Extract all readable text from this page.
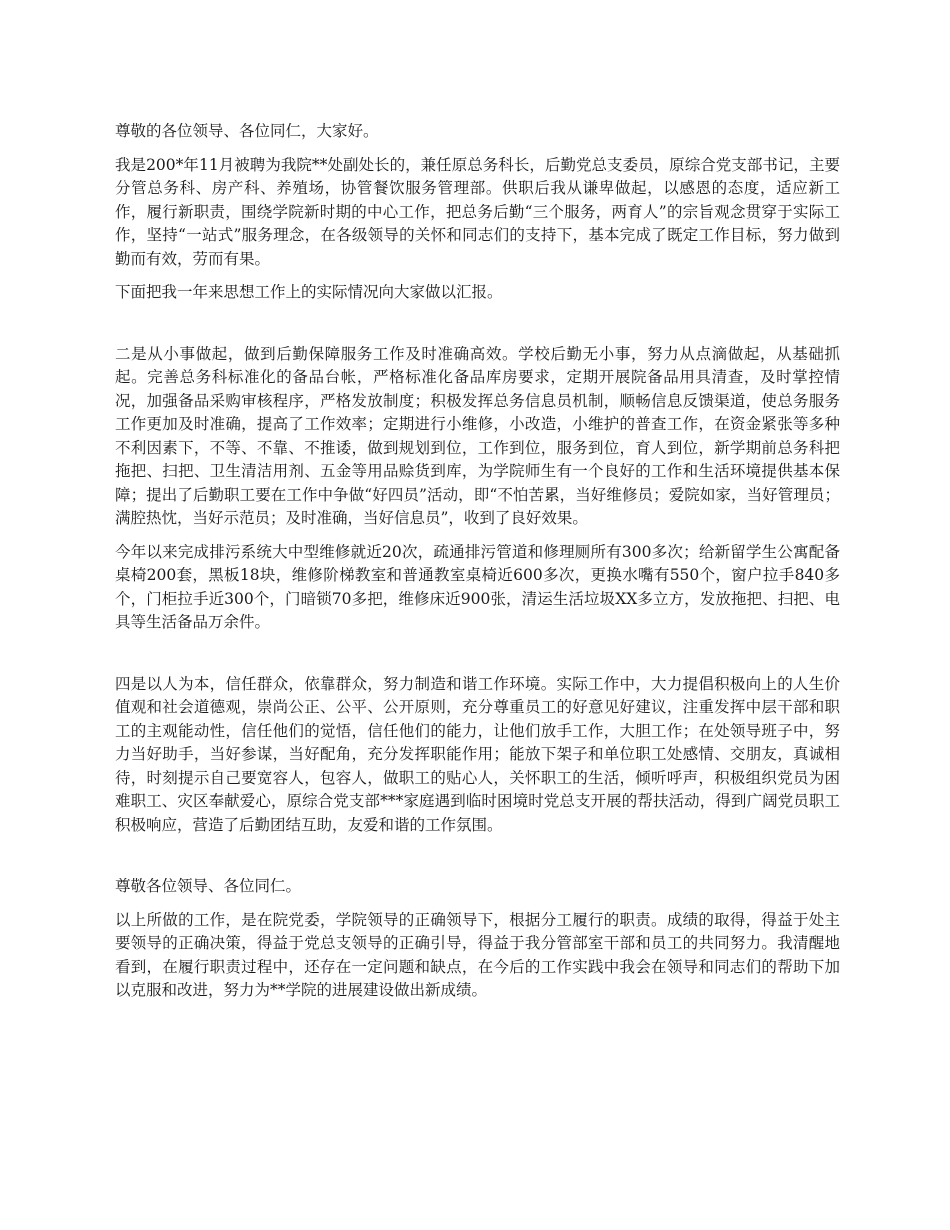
尊敬的各位领导、各位同仁，大家好。

我是200*年11月被聘为我院**处副处长的，兼任原总务科长，后勤党总支委员，原综合党支部书记，主要分管总务科、房产科、养殖场，协管餐饮服务管理部。供职后我从谦卑做起，以感恩的态度，适应新工作，履行新职责，围绕学院新时期的中心工作，把总务后勤“三个服务，两育人”的宗旨观念贯穿于实际工作，坚持“一站式”服务理念，在各级领导的关怀和同志们的支持下，基本完成了既定工作目标，努力做到勤而有效，劳而有果。

下面把我一年来思想工作上的实际情况向大家做以汇报。

二是从小事做起，做到后勤保障服务工作及时准确高效。学校后勤无小事，努力从点滴做起，从基础抓起。完善总务科标准化的备品台帐，严格标准化备品库房要求，定期开展院备品用具清查，及时掌控情况，加强备品采购审核程序，严格发放制度；积极发挥总务信息员机制，顺畅信息反馈渠道，使总务服务工作更加及时准确，提高了工作效率；定期进行小维修，小改造，小维护的普查工作，在资金紧张等多种不利因素下，不等、不靠、不推诿，做到规划到位，工作到位，服务到位，育人到位，新学期前总务科把拖把、扫把、卫生清洁用剂、五金等用品赊货到库，为学院师生有一个良好的工作和生活环境提供基本保障；提出了后勤职工要在工作中争做“好四员”活动，即“不怕苦累，当好维修员；爱院如家，当好管理员；满腔热忱，当好示范员；及时准确，当好信息员”，收到了良好效果。

今年以来完成排污系统大中型维修就近20次，疏通排污管道和修理厕所有300多次；给新留学生公寓配备桌椅200套，黑板18块，维修阶梯教室和普通教室桌椅近600多次，更换水嘴有550个，窗户拉手840多个，门柜拉手近300个，门暗锁70多把，维修床近900张，清运生活垃圾XX多立方，发放拖把、扫把、电具等生活备品万余件。

四是以人为本，信任群众，依靠群众，努力制造和谐工作环境。实际工作中，大力提倡积极向上的人生价值观和社会道德观，崇尚公正、公平、公开原则，充分尊重员工的好意见好建议，注重发挥中层干部和职工的主观能动性，信任他们的觉悟，信任他们的能力，让他们放手工作，大胆工作；在处领导班子中，努力当好助手，当好参谋，当好配角，充分发挥职能作用；能放下架子和单位职工处感情、交朋友，真诚相待，时刻提示自己要宽容人，包容人，做职工的贴心人，关怀职工的生活，倾听呼声，积极组织党员为困难职工、灾区奉献爱心，原综合党支部***家庭遇到临时困境时党总支开展的帮扶活动，得到广阔党员职工积极响应，营造了后勤团结互助，友爱和谐的工作氛围。

尊敬各位领导、各位同仁。

以上所做的工作，是在院党委，学院领导的正确领导下，根据分工履行的职责。成绩的取得，得益于处主要领导的正确决策，得益于党总支领导的正确引导，得益于我分管部室干部和员工的共同努力。我清醒地看到，在履行职责过程中，还存在一定问题和缺点，在今后的工作实践中我会在领导和同志们的帮助下加以克服和改进，努力为**学院的进展建设做出新成绩。
